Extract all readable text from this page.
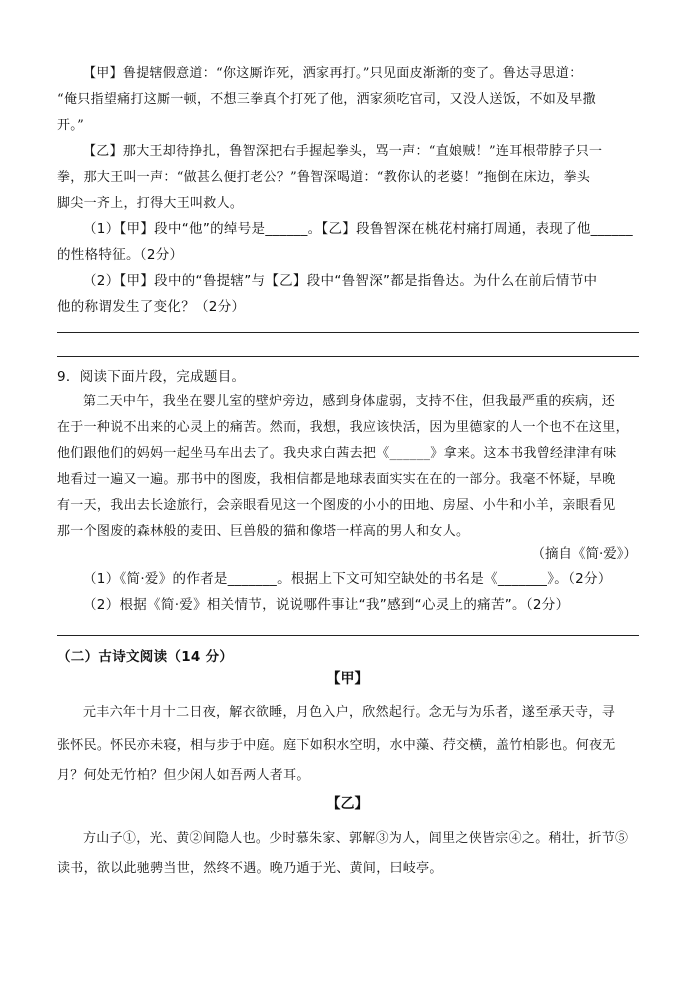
【甲】鲁提辖假意道：“你这厮诈死，洒家再打。”只见面皮渐渐的变了。鲁达寻思道：
“俺只指望痛打这厮一顿，不想三拳真个打死了他，洒家须吃官司，又没人送饭，不如及早撒
开。”
【乙】那大王却待挣扎，鲁智深把右手握起拳头，骂一声：“直娘贼！”连耳根带脖子只一
拳，那大王叫一声：“做甚么便打老公？”鲁智深喝道：“教你认的老婆！”拖倒在床边，拳头
脚尖一齐上，打得大王叫救人。
（1）【甲】段中“他”的绰号是______。【乙】段鲁智深在桃花村痛打周通，表现了他______
的性格特征。（2分）
（2）【甲】段中的“鲁提辖”与【乙】段中“鲁智深”都是指鲁达。为什么在前后情节中
他的称谓发生了变化？（2分）
9．阅读下面片段，完成题目。
第二天中午，我坐在婴儿室的壁炉旁边，感到身体虚弱，支持不住，但我最严重的疾病，还
在于一种说不出来的心灵上的痛苦。然而，我想，我应该快活，因为里德家的人一个也不在这里，
他们跟他们的妈妈一起坐马车出去了。我央求白茜去把《______》拿来。这本书我曾经津津有味
地看过一遍又一遍。那书中的图废，我相信都是地球表面实实在在的一部分。我毫不怀疑，早晚
有一天，我出去长途旅行，会亲眼看见这一个图废的小小的田地、房屋、小牛和小羊，亲眼看见
那一个图废的森林般的麦田、巨兽般的猫和像塔一样高的男人和女人。
（摘自《简·爱》）
（1）《简·爱》的作者是_______。根据上下文可知空缺处的书名是《_______》。（2分）
（2）根据《简·爱》相关情节，说说哪件事让“我”感到“心灵上的痛苦”。（2分）
（二）古诗文阅读（14 分）
【甲】
元丰六年十月十二日夜，解衣欲睡，月色入户，欣然起行。念无与为乐者，遂至承天寺，寻
张怀民。怀民亦未寝，相与步于中庭。庭下如积水空明，水中藻、荇交横，盖竹柏影也。何夜无
月？何处无竹柏？但少闲人如吾两人者耳。
【乙】
方山子①，光、黄②间隐人也。少时慕朱家、郭解③为人，闾里之侠皆宗④之。稍壮，折节⑤
读书，欲以此驰骋当世，然终不遇。晚乃遁于光、黄间，曰岐亭。
